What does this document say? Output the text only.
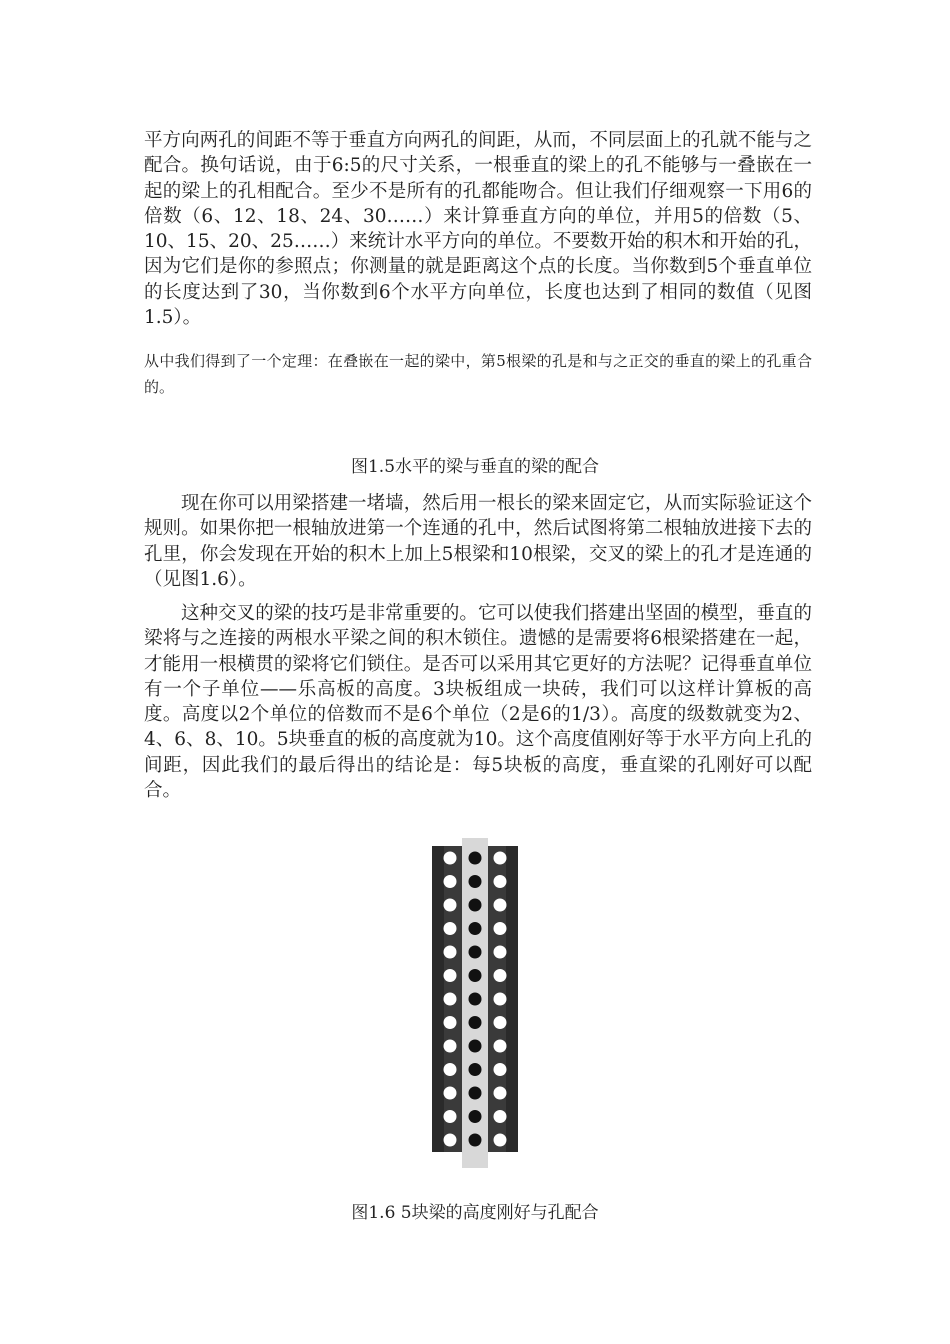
平方向两孔的间距不等于垂直方向两孔的间距，从而，不同层面上的孔就不能与之配合。换句话说，由于6:5的尺寸关系，一根垂直的梁上的孔不能够与一叠嵌在一起的梁上的孔相配合。至少不是所有的孔都能吻合。但让我们仔细观察一下用6的倍数（6、12、18、24、30……）来计算垂直方向的单位，并用5的倍数（5、10、15、20、25……）来统计水平方向的单位。不要数开始的积木和开始的孔，因为它们是你的参照点；你测量的就是距离这个点的长度。当你数到5个垂直单位的长度达到了30，当你数到6个水平方向单位，长度也达到了相同的数值（见图1.5）。

从中我们得到了一个定理：在叠嵌在一起的梁中，第5根梁的孔是和与之正交的垂直的梁上的孔重合的。

图1.5水平的梁与垂直的梁的配合

现在你可以用梁搭建一堵墙，然后用一根长的梁来固定它，从而实际验证这个规则。如果你把一根轴放进第一个连通的孔中，然后试图将第二根轴放进接下去的孔里，你会发现在开始的积木上加上5根梁和10根梁，交叉的梁上的孔才是连通的（见图1.6）。

这种交叉的梁的技巧是非常重要的。它可以使我们搭建出坚固的模型，垂直的梁将与之连接的两根水平梁之间的积木锁住。遗憾的是需要将6根梁搭建在一起，才能用一根横贯的梁将它们锁住。是否可以采用其它更好的方法呢？记得垂直单位有一个子单位——乐高板的高度。3块板组成一块砖，我们可以这样计算板的高度。高度以2个单位的倍数而不是6个单位（2是6的1/3）。高度的级数就变为2、4、6、8、10。5块垂直的板的高度就为10。这个高度值刚好等于水平方向上孔的间距，因此我们的最后得出的结论是：每5块板的高度，垂直梁的孔刚好可以配合。

图1.6 5块梁的高度刚好与孔配合
